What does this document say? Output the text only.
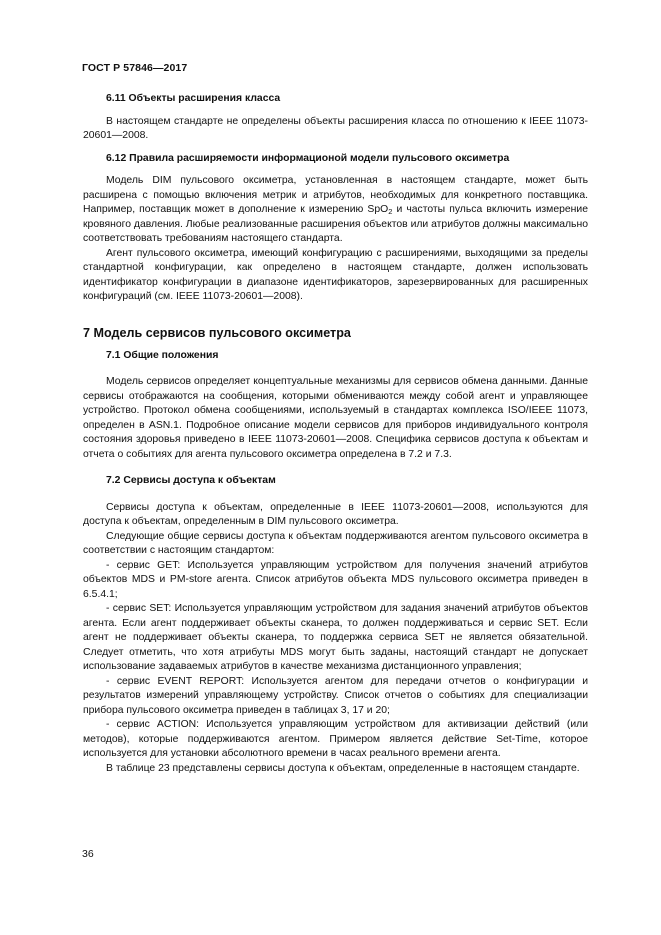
ГОСТ Р 57846—2017

6.11 Объекты расширения класса

В настоящем стандарте не определены объекты расширения класса по отношению к IEEE 11073-20601—2008.

6.12 Правила расширяемости информационой модели пульсового оксиметра

Модель DIM пульсового оксиметра, установленная в настоящем стандарте, может быть расширена с помощью включения метрик и атрибутов, необходимых для конкретного поставщика. Например, поставщик может в дополнение к измерению SpO$_2$ и частоты пульса включить измерение кровяного давления. Любые реализованные расширения объектов или атрибутов должны максимально соответствовать требованиям настоящего стандарта.

Агент пульсового оксиметра, имеющий конфигурацию с расширениями, выходящими за пределы стандартной конфигурации, как определено в настоящем стандарте, должен использовать идентификатор конфигурации в диапазоне идентификаторов, зарезервированных для расширенных конфигураций (см. IEEE 11073-20601—2008).

7 Модель сервисов пульсового оксиметра

7.1 Общие положения

Модель сервисов определяет концептуальные механизмы для сервисов обмена данными. Данные сервисы отображаются на сообщения, которыми обмениваются между собой агент и управляющее устройство. Протокол обмена сообщениями, используемый в стандартах комплекса ISO/IEEE 11073, определен в ASN.1. Подробное описание модели сервисов для приборов индивидуального контроля состояния здоровья приведено в IEEE 11073-20601—2008. Спецификa сервисов доступа к объектам и отчета о событиях для агента пульсового оксиметра определена в 7.2 и 7.3.

7.2 Сервисы доступа к объектам

Сервисы доступа к объектам, определенные в IEEE 11073-20601—2008, используются для доступа к объектам, определенным в DIM пульсового оксиметра.

Следующие общие сервисы доступа к объектам поддерживаются агентом пульсового оксиметра в соответствии с настоящим стандартом:

- сервис GET: Используется управляющим устройством для получения значений атрибутов объектов MDS и PM-store агента. Список атрибутов объекта MDS пульсового оксиметра приведен в 6.5.4.1;

- сервис SET: Используется управляющим устройством для задания значений атрибутов объектов агента. Если агент поддерживает объекты сканера, то должен поддерживаться и сервис SET. Если агент не поддерживает объекты сканера, то поддержка сервиса SET не является обязательной. Следует отметить, что хотя атрибуты MDS могут быть заданы, настоящий стандарт не допускает использование задаваемых атрибутов в качестве механизма дистанционного управления;

- сервис EVENT REPORT: Используется агентом для передачи отчетов о конфигурации и результатов измерений управляющему устройству. Список отчетов о событиях для специализации прибора пульсового оксиметра приведен в таблицах 3, 17 и 20;

- сервис ACTION: Используется управляющим устройством для активизации действий (или методов), которые поддерживаются агентом. Примером является действие Set-Time, которое используется для установки абсолютного времени в часах реального времени агента.

В таблице 23 представлены сервисы доступа к объектам, определенные в настоящем стандарте.

36
